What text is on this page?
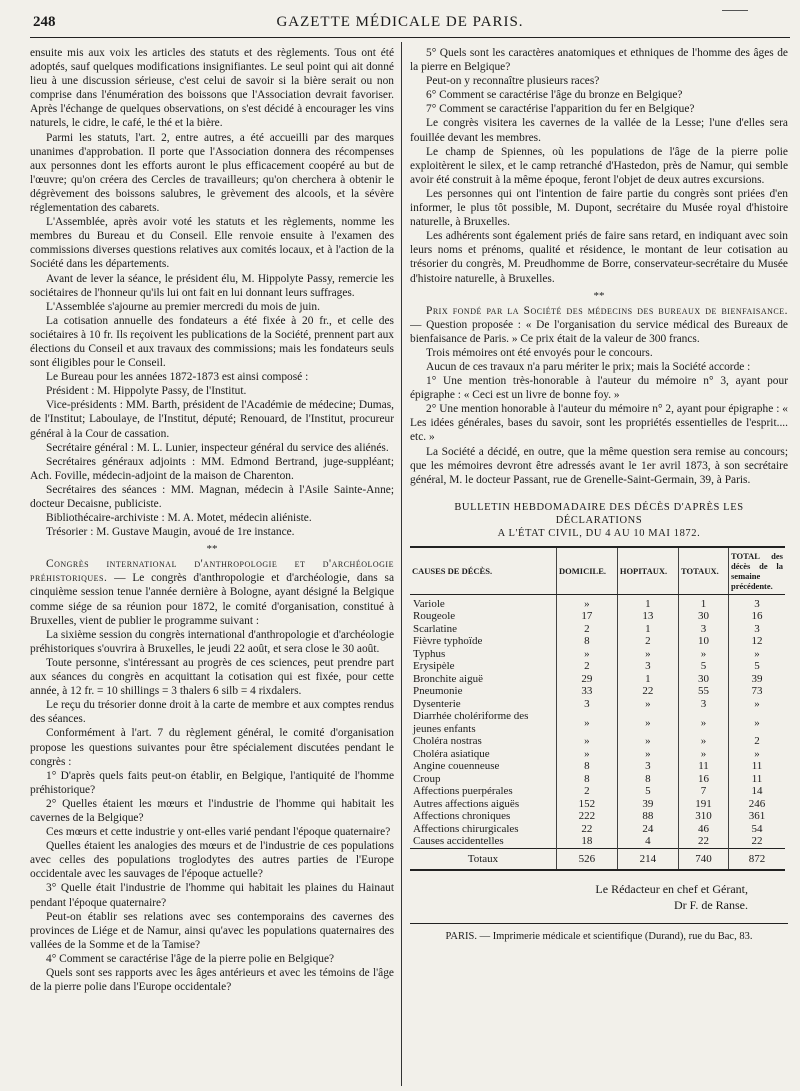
248	GAZETTE MÉDICALE DE PARIS.

ensuite mis aux voix les articles des statuts et des règlements. Tous ont été adoptés, sauf quelques modifications insignifiantes. Le seul point qui ait donné lieu à une discussion sérieuse, c'est celui de savoir si la bière serait ou non comprise dans l'énumération des boissons que l'Association devrait favoriser. Après l'échange de quelques observations, on s'est décidé à encourager les vins naturels, le cidre, le café, le thé et la bière.

Parmi les statuts, l'art. 2, entre autres, a été accueilli par des marques unanimes d'approbation. Il porte que l'Association donnera des récompenses aux personnes dont les efforts auront le plus efficacement coopéré au but de l'œuvre; qu'on créera des Cercles de travailleurs; qu'on cherchera à obtenir le dégrèvement des boissons salubres, le grèvement des alcools, et la sévère réglementation des cabarets.

L'Assemblée, après avoir voté les statuts et les règlements, nomme les membres du Bureau et du Conseil. Elle renvoie ensuite à l'examen des commissions diverses questions relatives aux comités locaux, et à l'action de la Société dans les départements.

Avant de lever la séance, le président élu, M. Hippolyte Passy, remercie les sociétaires de l'honneur qu'ils lui ont fait en lui donnant leurs suffrages.

L'Assemblée s'ajourne au premier mercredi du mois de juin.

La cotisation annuelle des fondateurs a été fixée à 20 fr., et celle des sociétaires à 10 fr. Ils reçoivent les publications de la Société, prennent part aux élections du Conseil et aux travaux des commissions; mais les fondateurs seuls sont éligibles pour le Conseil.

Le Bureau pour les années 1872-1873 est ainsi composé :

Président : M. Hippolyte Passy, de l'Institut.

Vice-présidents : MM. Barth, président de l'Académie de médecine; Dumas, de l'Institut; Laboulaye, de l'Institut, député; Renouard, de l'Institut, procureur général à la Cour de cassation.

Secrétaire général : M. L. Lunier, inspecteur général du service des aliénés.

Secrétaires généraux adjoints : MM. Edmond Bertrand, juge-suppléant; Ach. Foville, médecin-adjoint de la maison de Charenton.

Secrétaires des séances : MM. Magnan, médecin à l'Asile Sainte-Anne; docteur Decaisne, publiciste.

Bibliothécaire-archiviste : M. A. Motet, médecin aliéniste.

Trésorier : M. Gustave Maugin, avoué de 1re instance.

**

Congrès international d'anthropologie et d'archéologie préhistoriques. — Le congrès d'anthropologie et d'archéologie, dans sa cinquième session tenue l'année dernière à Bologne, ayant désigné la Belgique comme siége de sa réunion pour 1872, le comité d'organisation, constitué à Bruxelles, vient de publier le programme suivant :

La sixième session du congrès international d'anthropologie et d'archéologie préhistoriques s'ouvrira à Bruxelles, le jeudi 22 août, et sera close le 30 août.

Toute personne, s'intéressant au progrès de ces sciences, peut prendre part aux séances du congrès en acquittant la cotisation qui est fixée, pour cette année, à 12 fr. = 10 shillings = 3 thalers 6 silb = 4 rixdalers.

Le reçu du trésorier donne droit à la carte de membre et aux comptes rendus des séances.

Conformément à l'art. 7 du règlement général, le comité d'organisation propose les questions suivantes pour être spécialement discutées pendant le congrès :

1° D'après quels faits peut-on établir, en Belgique, l'antiquité de l'homme préhistorique?

2° Quelles étaient les mœurs et l'industrie de l'homme qui habitait les cavernes de la Belgique?

Ces mœurs et cette industrie y ont-elles varié pendant l'époque quaternaire?

Quelles étaient les analogies des mœurs et de l'industrie de ces populations avec celles des populations troglodytes des autres parties de l'Europe occidentale avec les sauvages de l'époque actuelle?

3° Quelle était l'industrie de l'homme qui habitait les plaines du Hainaut pendant l'époque quaternaire?

Peut-on établir ses relations avec ses contemporains des cavernes des provinces de Liége et de Namur, ainsi qu'avec les populations quaternaires des vallées de la Somme et de la Tamise?

4° Comment se caractérise l'âge de la pierre polie en Belgique?

Quels sont ses rapports avec les âges antérieurs et avec les témoins de l'âge de la pierre polie dans l'Europe occidentale?

5° Quels sont les caractères anatomiques et ethniques de l'homme des âges de la pierre en Belgique?

Peut-on y reconnaître plusieurs races?

6° Comment se caractérise l'âge du bronze en Belgique?

7° Comment se caractérise l'apparition du fer en Belgique?

Le congrès visitera les cavernes de la vallée de la Lesse; l'une d'elles sera fouillée devant les membres.

Le champ de Spiennes, où les populations de l'âge de la pierre polie exploitèrent le silex, et le camp retranché d'Hastedon, près de Namur, qui semble avoir été construit à la même époque, feront l'objet de deux autres excursions.

Les personnes qui ont l'intention de faire partie du congrès sont priées d'en informer, le plus tôt possible, M. Dupont, secrétaire du Musée royal d'histoire naturelle, à Bruxelles.

Les adhérents sont également priés de faire sans retard, en indiquant avec soin leurs noms et prénoms, qualité et résidence, le montant de leur cotisation au trésorier du congrès, M. Preudhomme de Borre, conservateur-secrétaire du Musée d'histoire naturelle, à Bruxelles.

**

Prix fondé par la Société des médecins des bureaux de bienfaisance. — Question proposée : « De l'organisation du service médical des Bureaux de bienfaisance de Paris. » Ce prix était de la valeur de 300 francs.

Trois mémoires ont été envoyés pour le concours.

Aucun de ces travaux n'a paru mériter le prix; mais la Société accorde :

1° Une mention très-honorable à l'auteur du mémoire n° 3, ayant pour épigraphe : « Ceci est un livre de bonne foy. »

2° Une mention honorable à l'auteur du mémoire n° 2, ayant pour épigraphe : « Les idées générales, bases du savoir, sont les propriétés essentielles de l'esprit.... etc. »

La Société a décidé, en outre, que la même question sera remise au concours; que les mémoires devront être adressés avant le 1er avril 1873, à son secrétaire général, M. le docteur Passant, rue de Grenelle-Saint-Germain, 39, à Paris.

BULLETIN HEBDOMADAIRE DES DÉCÈS D'APRÈS LES DÉCLARATIONS
A L'ÉTAT CIVIL, DU 4 AU 10 MAI 1872.
CAUSES DE DÉCÈS.	DOMICILE.	HOPITAUX.	TOTAUX.	TOTAL des décès de la semaine précédente.
Variole	»	1	1	3
Rougeole	17	13	30	16
Scarlatine	2	1	3	3
Fièvre typhoïde	8	2	10	12
Typhus	»	»	»	»
Erysipèle	2	3	5	5
Bronchite aiguë	29	1	30	39
Pneumonie	33	22	55	73
Dysenterie	3	»	3	»
Diarrhée cholériforme des jeunes enfants	»	»	»	»
Choléra nostras	»	»	»	2
Choléra asiatique	»	»	»	»
Angine couenneuse	8	3	11	11
Croup	8	8	16	11
Affections puerpérales	2	5	7	14
Autres affections aiguës	152	39	191	246
Affections chroniques	222	88	310	361
Affections chirurgicales	22	24	46	54
Causes accidentelles	18	4	22	22
Totaux	526	214	740	872
Le Rédacteur en chef et Gérant,
Dr F. de Ranse.
PARIS. — Imprimerie médicale et scientifique (Durand), rue du Bac, 83.
